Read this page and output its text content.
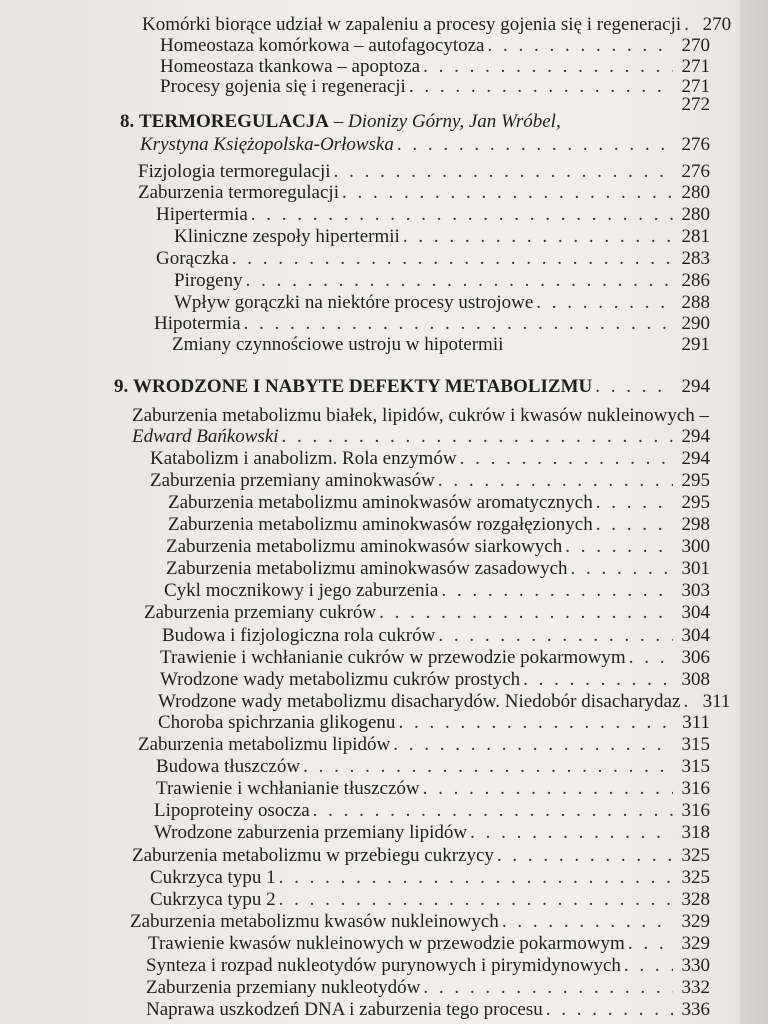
Komórki biorące udział w zapaleniu a procesy gojenia się i regeneracji . . . 270
Homeostaza komórkowa – autofagocytoza . . .	270
Homeostaza tkankowa – apoptoza . . .	271
Procesy gojenia się i regeneracji . . .	271
272
8. TERMOREGULACJA – Dionizy Górny, Jan Wróbel,
Krystyna Księżopolska-Orłowska . . .	276
Fizjologia termoregulacji . . .	276
Zaburzenia termoregulacji . . .	280
Hipertermia . . .	280
Kliniczne zespoły hipertermii . . .	281
Gorączka . . .	283
Pirogeny . . .	286
Wpływ gorączki na niektóre procesy ustrojowe . . .	288
Hipotermia . . .	290
Zmiany czynnościowe ustroju w hipotermii	291
9. WRODZONE I NABYTE DEFEKTY METABOLIZMU . . .	294
Zaburzenia metabolizmu białek, lipidów, cukrów i kwasów nukleinowych –
Edward Bańkowski . . .	294
Katabolizm i anabolizm. Rola enzymów . . .	294
Zaburzenia przemiany aminokwasów . . .	295
Zaburzenia metabolizmu aminokwasów aromatycznych . . .	295
Zaburzenia metabolizmu aminokwasów rozgałęzionych . . .	298
Zaburzenia metabolizmu aminokwasów siarkowych . . .	300
Zaburzenia metabolizmu aminokwasów zasadowych . . .	301
Cykl mocznikowy i jego zaburzenia . . .	303
Zaburzenia przemiany cukrów . . .	304
Budowa i fizjologiczna rola cukrów . . .	304
Trawienie i wchłanianie cukrów w przewodzie pokarmowym . . .	306
Wrodzone wady metabolizmu cukrów prostych . . .	308
Wrodzone wady metabolizmu disacharydów. Niedobór disacharydaz . . .	311
Choroba spichrzania glikogenu . . .	311
Zaburzenia metabolizmu lipidów . . .	315
Budowa tłuszczów . . .	315
Trawienie i wchłanianie tłuszczów . . .	316
Lipoproteiny osocza . . .	316
Wrodzone zaburzenia przemiany lipidów . . .	318
Zaburzenia metabolizmu w przebiegu cukrzycy . . .	325
Cukrzyca typu 1 . . .	325
Cukrzyca typu 2 . . .	328
Zaburzenia metabolizmu kwasów nukleinowych . . .	329
Trawienie kwasów nukleinowych w przewodzie pokarmowym . . .	329
Synteza i rozpad nukleotydów purynowych i pirymidynowych . . .	330
Zaburzenia przemiany nukleotydów . . .	332
Naprawa uszkodzeń DNA i zaburzenia tego procesu . . .	336
